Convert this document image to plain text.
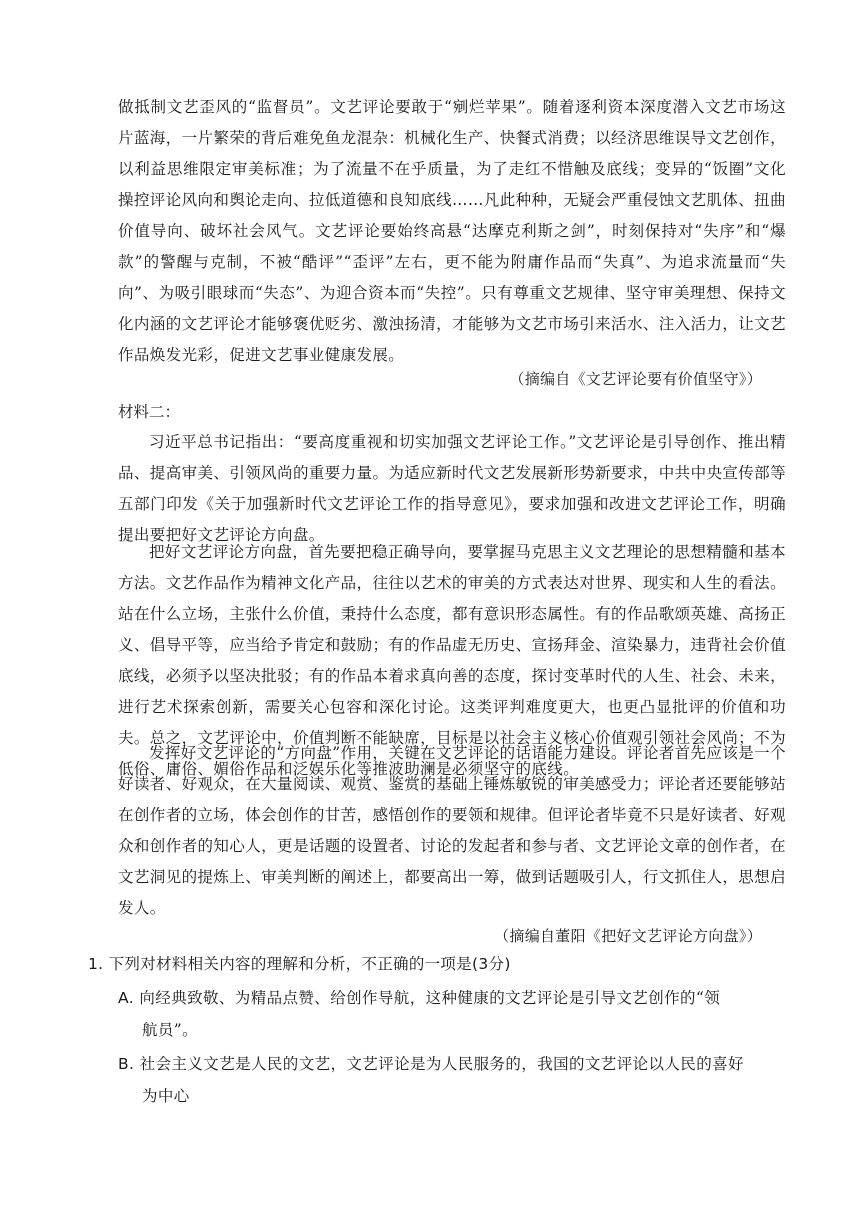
做抵制文艺歪风的“监督员”。文艺评论要敢于“剜烂苹果”。随着逐利资本深度潜入文艺市场这片蓝海，一片繁荣的背后难免鱼龙混杂：机械化生产、快餐式消费；以经济思维误导文艺创作，以利益思维限定审美标准；为了流量不在乎质量，为了走红不惜触及底线；变异的“饭圈”文化操控评论风向和舆论走向、拉低道德和良知底线……凡此种种，无疑会严重侵蚀文艺肌体、扭曲价值导向、破坏社会风气。文艺评论要始终高悬“达摩克利斯之剑”，时刻保持对“失序”和“爆款”的警醒与克制，不被“酷评”“歪评”左右，更不能为附庸作品而“失真”、为追求流量而“失向”、为吸引眼球而“失态”、为迎合资本而“失控”。只有尊重文艺规律、坚守审美理想、保持文化内涵的文艺评论才能够褒优贬劣、激浊扬清，才能够为文艺市场引来活水、注入活力，让文艺作品焕发光彩，促进文艺事业健康发展。

（摘编自《文艺评论要有价值坚守》）
材料二：

习近平总书记指出：“要高度重视和切实加强文艺评论工作。”文艺评论是引导创作、推出精品、提高审美、引领风尚的重要力量。为适应新时代文艺发展新形势新要求，中共中央宣传部等五部门印发《关于加强新时代文艺评论工作的指导意见》，要求加强和改进文艺评论工作，明确提出要把好文艺评论方向盘。

把好文艺评论方向盘，首先要把稳正确导向，要掌握马克思主义文艺理论的思想精髓和基本方法。文艺作品作为精神文化产品，往往以艺术的审美的方式表达对世界、现实和人生的看法。站在什么立场，主张什么价值，秉持什么态度，都有意识形态属性。有的作品歌颂英雄、高扬正义、倡导平等，应当给予肯定和鼓励；有的作品虚无历史、宣扬拜金、渲染暴力，违背社会价值底线，必须予以坚决批驳；有的作品本着求真向善的态度，探讨变革时代的人生、社会、未来，进行艺术探索创新，需要关心包容和深化讨论。这类评判难度更大，也更凸显批评的价值和功夫。总之，文艺评论中，价值判断不能缺席，目标是以社会主义核心价值观引领社会风尚；不为低俗、庸俗、媚俗作品和泛娱乐化等推波助澜是必须坚守的底线。

发挥好文艺评论的“方向盘”作用，关键在文艺评论的话语能力建设。评论者首先应该是一个好读者、好观众，在大量阅读、观赏、鉴赏的基础上锤炼敏锐的审美感受力；评论者还要能够站在创作者的立场，体会创作的甘苦，感悟创作的要领和规律。但评论者毕竟不只是好读者、好观众和创作者的知心人，更是话题的设置者、讨论的发起者和参与者、文艺评论文章的创作者，在文艺洞见的提炼上、审美判断的阐述上，都要高出一筹，做到话题吸引人，行文抓住人，思想启发人。

（摘编自董阳《把好文艺评论方向盘》）
1. 下列对材料相关内容的理解和分析，不正确的一项是(3分)
A. 向经典致敬、为精品点赞、给创作导航，这种健康的文艺评论是引导文艺创作的“领
航员”。
B. 社会主义文艺是人民的文艺，文艺评论是为人民服务的，我国的文艺评论以人民的喜好
为中心
